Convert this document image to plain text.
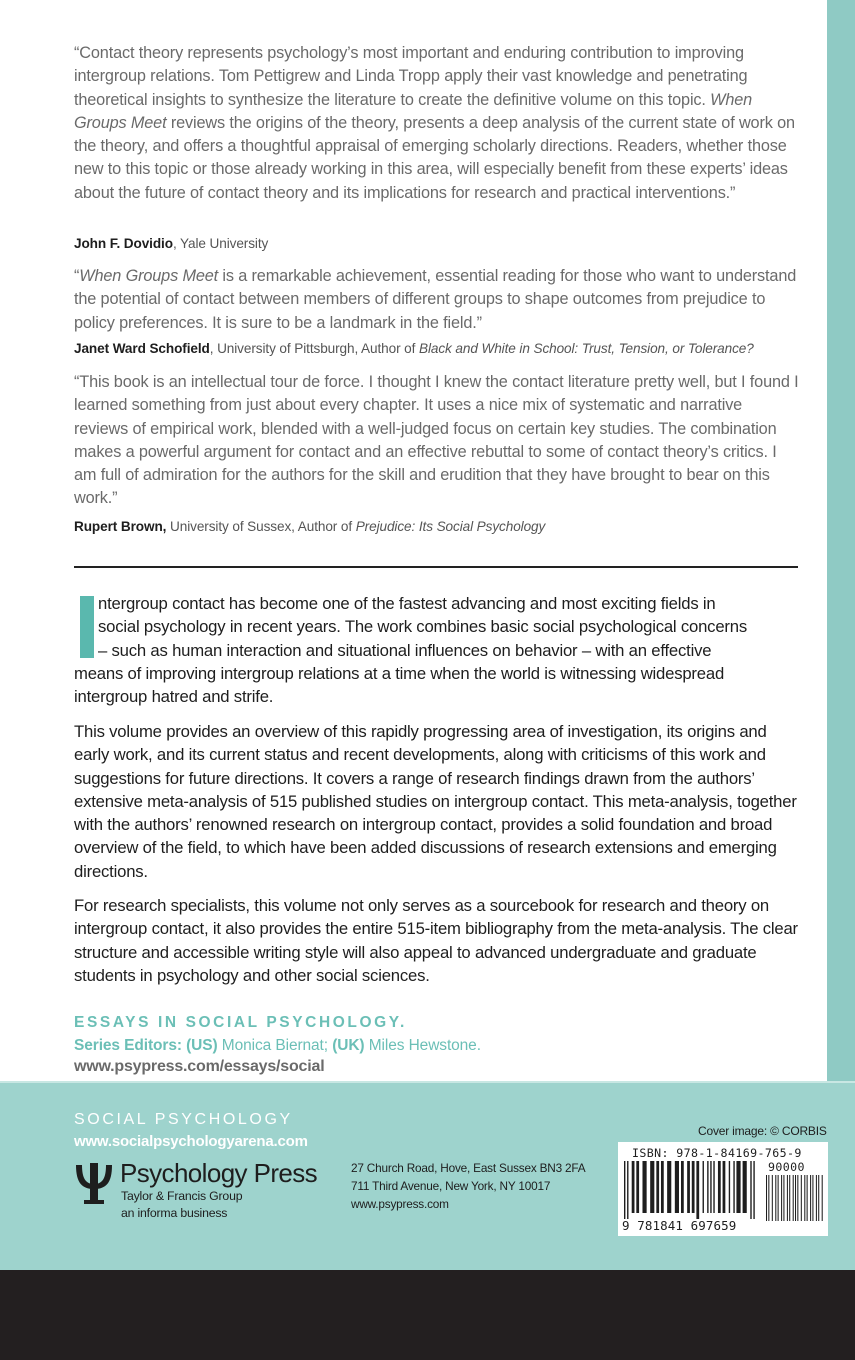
“Contact theory represents psychology’s most important and enduring contribution to improving intergroup relations. Tom Pettigrew and Linda Tropp apply their vast knowledge and penetrating theoretical insights to synthesize the literature to create the definitive volume on this topic. When Groups Meet reviews the origins of the theory, presents a deep analysis of the current state of work on the theory, and offers a thoughtful appraisal of emerging scholarly directions. Readers, whether those new to this topic or those already working in this area, will especially benefit from these experts’ ideas about the future of contact theory and its implications for research and practical interventions.”
John F. Dovidio, Yale University
“When Groups Meet is a remarkable achievement, essential reading for those who want to understand the potential of contact between members of different groups to shape outcomes from prejudice to policy preferences. It is sure to be a landmark in the field.”
Janet Ward Schofield, University of Pittsburgh, Author of Black and White in School: Trust, Tension, or Tolerance?
“This book is an intellectual tour de force. I thought I knew the contact literature pretty well, but I found I learned something from just about every chapter. It uses a nice mix of systematic and narrative reviews of empirical work, blended with a well-judged focus on certain key studies. The combination makes a powerful argument for contact and an effective rebuttal to some of contact theory’s critics. I am full of admiration for the authors for the skill and erudition that they have brought to bear on this work.”
Rupert Brown, University of Sussex, Author of Prejudice: Its Social Psychology
ntergroup contact has become one of the fastest advancing and most exciting fields in
social psychology in recent years. The work combines basic social psychological concerns
– such as human interaction and situational influences on behavior – with an effective
means of improving intergroup relations at a time when the world is witnessing widespread
intergroup hatred and strife.
This volume provides an overview of this rapidly progressing area of investigation, its origins and early work, and its current status and recent developments, along with criticisms of this work and suggestions for future directions. It covers a range of research findings drawn from the authors’ extensive meta-analysis of 515 published studies on intergroup contact. This meta-analysis, together with the authors’ renowned research on intergroup contact, provides a solid foundation and broad overview of the field, to which have been added discussions of research extensions and emerging directions.
For research specialists, this volume not only serves as a sourcebook for research and theory on intergroup contact, it also provides the entire 515-item bibliography from the meta-analysis. The clear structure and accessible writing style will also appeal to advanced undergraduate and graduate students in psychology and other social sciences.
ESSAYS IN SOCIAL PSYCHOLOGY.
Series Editors: (US) Monica Biernat; (UK) Miles Hewstone.
www.psypress.com/essays/social
SOCIAL PSYCHOLOGY
www.socialpsychologyarena.com
Psychology Press
Taylor & Francis Group
an informa business
27 Church Road, Hove, East Sussex BN3 2FA
711 Third Avenue, New York, NY 10017
www.psypress.com
Cover image: © CORBIS
ISBN: 978-1-84169-765-9
90000
9 781841 697659
